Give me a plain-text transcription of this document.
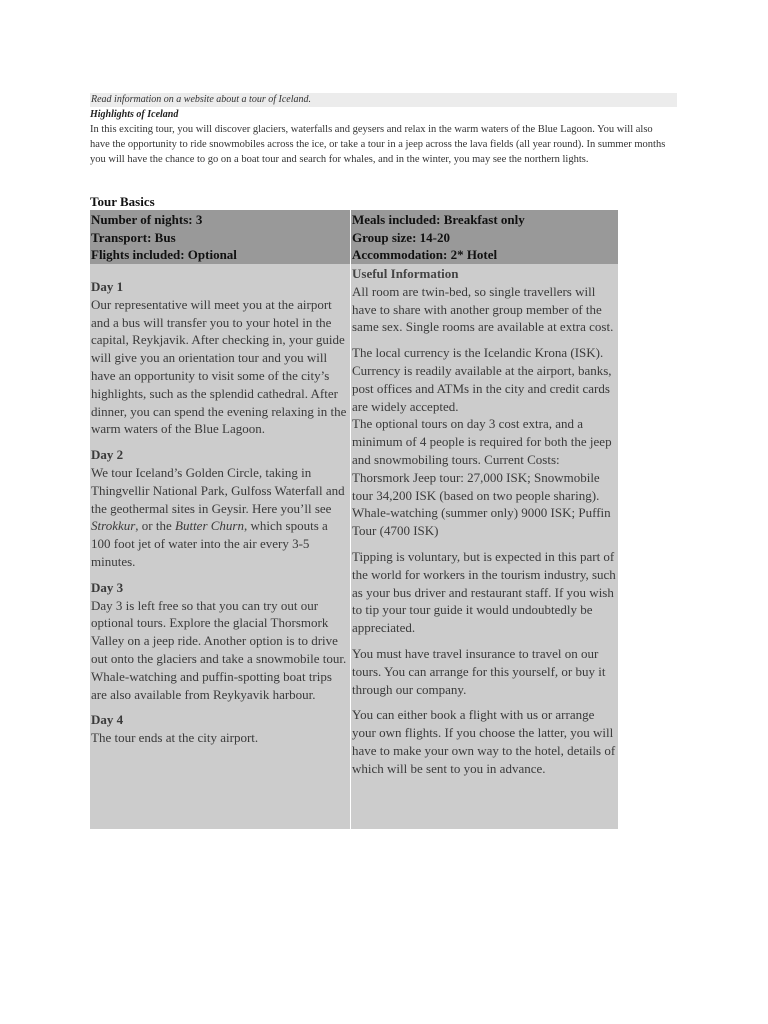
Read information on a website about a tour of Iceland.
Highlights of Iceland
In this exciting tour, you will discover glaciers, waterfalls and geysers and relax in the warm waters of the Blue Lagoon. You will also have the opportunity to ride snowmobiles across the ice, or take a tour in a jeep across the lava fields (all year round). In summer months you will have the chance to go on a boat tour and search for whales, and in the winter, you may see the northern lights.
Tour Basics
Number of nights: 3
Transport: Bus
Flights included: Optional
Meals included: Breakfast only
Group size: 14-20
Accommodation: 2* Hotel
Day 1
Our representative will meet you at the airport and a bus will transfer you to your hotel in the capital, Reykjavik. After checking in, your guide will give you an orientation tour and you will have an opportunity to visit some of the city’s highlights, such as the splendid cathedral. After dinner, you can spend the evening relaxing in the warm waters of the Blue Lagoon.
Day 2
We tour Iceland’s Golden Circle, taking in Thingvellir National Park, Gulfoss Waterfall and the geothermal sites in Geysir. Here you’ll see Strokkur, or the Butter Churn, which spouts a 100 foot jet of water into the air every 3-5 minutes.
Day 3
Day 3 is left free so that you can try out our optional tours. Explore the glacial Thorsmork Valley on a jeep ride. Another option is to drive out onto the glaciers and take a snowmobile tour. Whale-watching and puffin-spotting boat trips are also available from Reykyavik harbour.
Day 4
The tour ends at the city airport.
Useful Information
All room are twin-bed, so single travellers will have to share with another group member of the same sex. Single rooms are available at extra cost.
The local currency is the Icelandic Krona (ISK). Currency is readily available at the airport, banks, post offices and ATMs in the city and credit cards are widely accepted.
The optional tours on day 3 cost extra, and a minimum of 4 people is required for both the jeep and snowmobiling tours. Current Costs: Thorsmork Jeep tour: 27,000 ISK; Snowmobile tour 34,200 ISK (based on two people sharing). Whale-watching (summer only) 9000 ISK; Puffin Tour (4700 ISK)
Tipping is voluntary, but is expected in this part of the world for workers in the tourism industry, such as your bus driver and restaurant staff. If you wish to tip your tour guide it would undoubtedly be appreciated.
You must have travel insurance to travel on our tours. You can arrange for this yourself, or buy it through our company.
You can either book a flight with us or arrange your own flights. If you choose the latter, you will have to make your own way to the hotel, details of which will be sent to you in advance.
